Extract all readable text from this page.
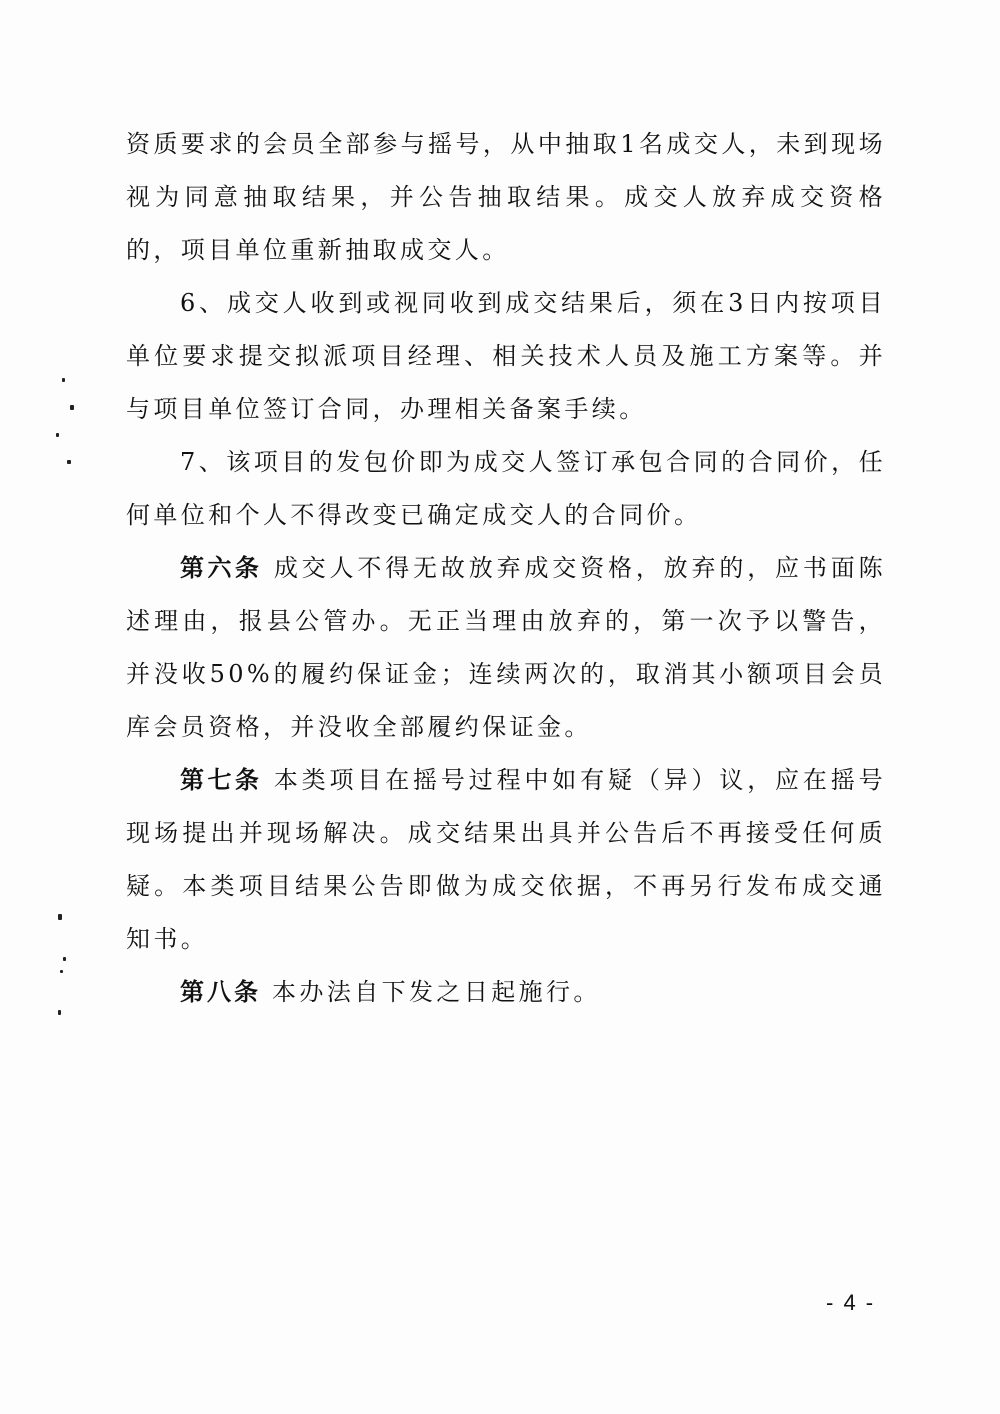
资质要求的会员全部参与摇号，从中抽取1名成交人，未到现场视为同意抽取结果，并公告抽取结果。成交人放弃成交资格的，项目单位重新抽取成交人。

6、成交人收到或视同收到成交结果后，须在3日内按项目单位要求提交拟派项目经理、相关技术人员及施工方案等。并与项目单位签订合同，办理相关备案手续。

7、该项目的发包价即为成交人签订承包合同的合同价，任何单位和个人不得改变已确定成交人的合同价。

第六条 成交人不得无故放弃成交资格，放弃的，应书面陈述理由，报县公管办。无正当理由放弃的，第一次予以警告，并没收50%的履约保证金；连续两次的，取消其小额项目会员库会员资格，并没收全部履约保证金。

第七条 本类项目在摇号过程中如有疑（异）议，应在摇号现场提出并现场解决。成交结果出具并公告后不再接受任何质疑。本类项目结果公告即做为成交依据，不再另行发布成交通知书。

第八条 本办法自下发之日起施行。

- 4 -
